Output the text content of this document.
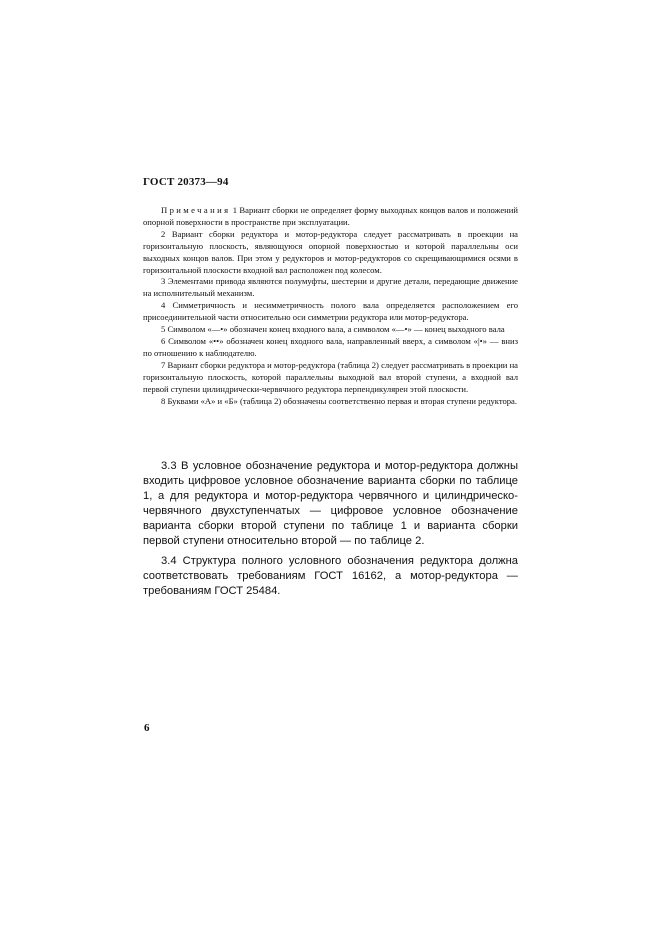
ГОСТ 20373—94

Примечания 1 Вариант сборки не определяет форму выходных концов валов и положений опорной поверхности в пространстве при эксплуатации.

2 Вариант сборки редуктора и мотор-редуктора следует рассматривать в проекции на горизонтальную плоскость, являющуюся опорной поверхностью и которой параллельны оси выходных концов валов. При этом у редукторов и мотор-редукторов со скрещивающимися осями в горизонтальной плоскости входной вал расположен под колесом.

3 Элементами привода являются полумуфты, шестерни и другие детали, передающие движение на исполнительный механизм.

4 Симметричность и несимметричность полого вала определяется расположением его присоединительной части относительно оси симметрии редуктора или мотор-редуктора.

5 Символом «—•» обозначен конец входного вала, а символом «—•» — конец выходного вала

6 Символом «••» обозначен конец входного вала, направленный вверх, а символом «|•» — вниз по отношению к наблюдателю.

7 Вариант сборки редуктора и мотор-редуктора (таблица 2) следует рассматривать в проекции на горизонтальную плоскость, которой параллельны выходной вал второй ступени, а входной вал первой ступени цилиндрически-червячного редуктора перпендикулярен этой плоскости.

8 Буквами «А» и «Б» (таблица 2) обозначены соответственно первая и вторая ступени редуктора.

3.3 В условное обозначение редуктора и мотор-редуктора должны входить цифровое условное обозначение варианта сборки по таблице 1, а для редуктора и мотор-редуктора червячного и цилиндрическо-червячного двухступенчатых — цифровое условное обозначение варианта сборки второй ступени по таблице 1 и варианта сборки первой ступени относительно второй — по таблице 2.

3.4 Структура полного условного обозначения редуктора должна соответствовать требованиям ГОСТ 16162, а мотор-редуктора — требованиям ГОСТ 25484.

6
